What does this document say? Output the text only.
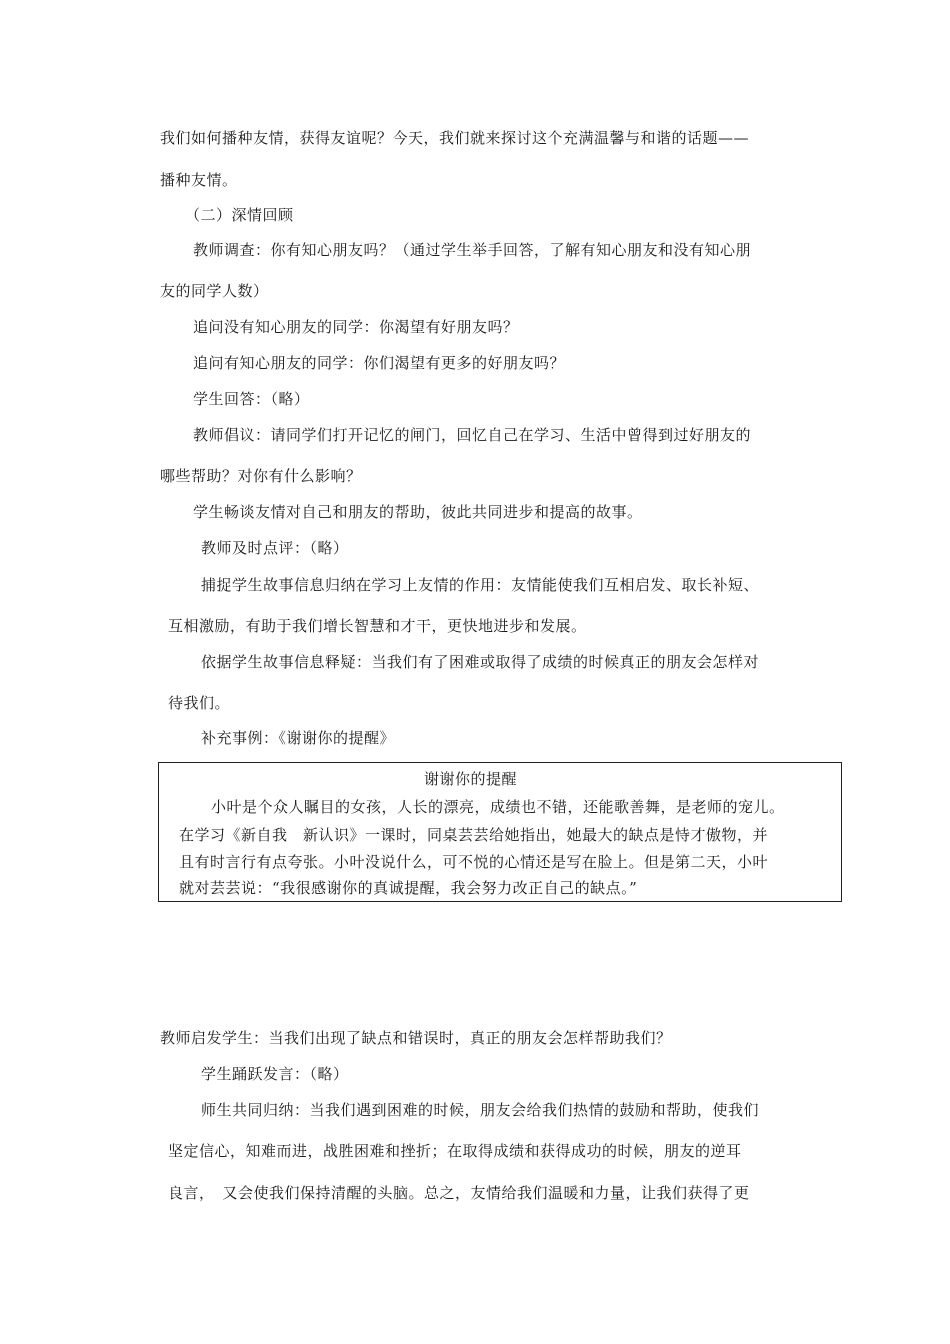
我们如何播种友情，获得友谊呢？今天，我们就来探讨这个充满温馨与和谐的话题——
播种友情。
（二）深情回顾
教师调查：你有知心朋友吗？（通过学生举手回答，了解有知心朋友和没有知心朋
友的同学人数）
追问没有知心朋友的同学：你渴望有好朋友吗？
追问有知心朋友的同学：你们渴望有更多的好朋友吗？
学生回答：（略）
教师倡议：请同学们打开记忆的闸门，回忆自己在学习、生活中曾得到过好朋友的
哪些帮助？对你有什么影响？
学生畅谈友情对自己和朋友的帮助，彼此共同进步和提高的故事。
教师及时点评：（略）
捕捉学生故事信息归纳在学习上友情的作用：友情能使我们互相启发、取长补短、
互相激励，有助于我们增长智慧和才干，更快地进步和发展。
依据学生故事信息释疑：当我们有了困难或取得了成绩的时候真正的朋友会怎样对
待我们。
补充事例：《谢谢你的提醒》
谢谢你的提醒
小叶是个众人瞩目的女孩，人长的漂亮，成绩也不错，还能歌善舞，是老师的宠儿。
在学习《新自我　新认识》一课时，同桌芸芸给她指出，她最大的缺点是恃才傲物，并
且有时言行有点夸张。小叶没说什么，可不悦的心情还是写在脸上。但是第二天，小叶
就对芸芸说：“我很感谢你的真诚提醒，我会努力改正自己的缺点。”
教师启发学生：当我们出现了缺点和错误时，真正的朋友会怎样帮助我们？
学生踊跃发言：（略）
师生共同归纳：当我们遇到困难的时候，朋友会给我们热情的鼓励和帮助，使我们
坚定信心，知难而进，战胜困难和挫折；在取得成绩和获得成功的时候，朋友的逆耳
良言，　又会使我们保持清醒的头脑。总之，友情给我们温暖和力量，让我们获得了更
